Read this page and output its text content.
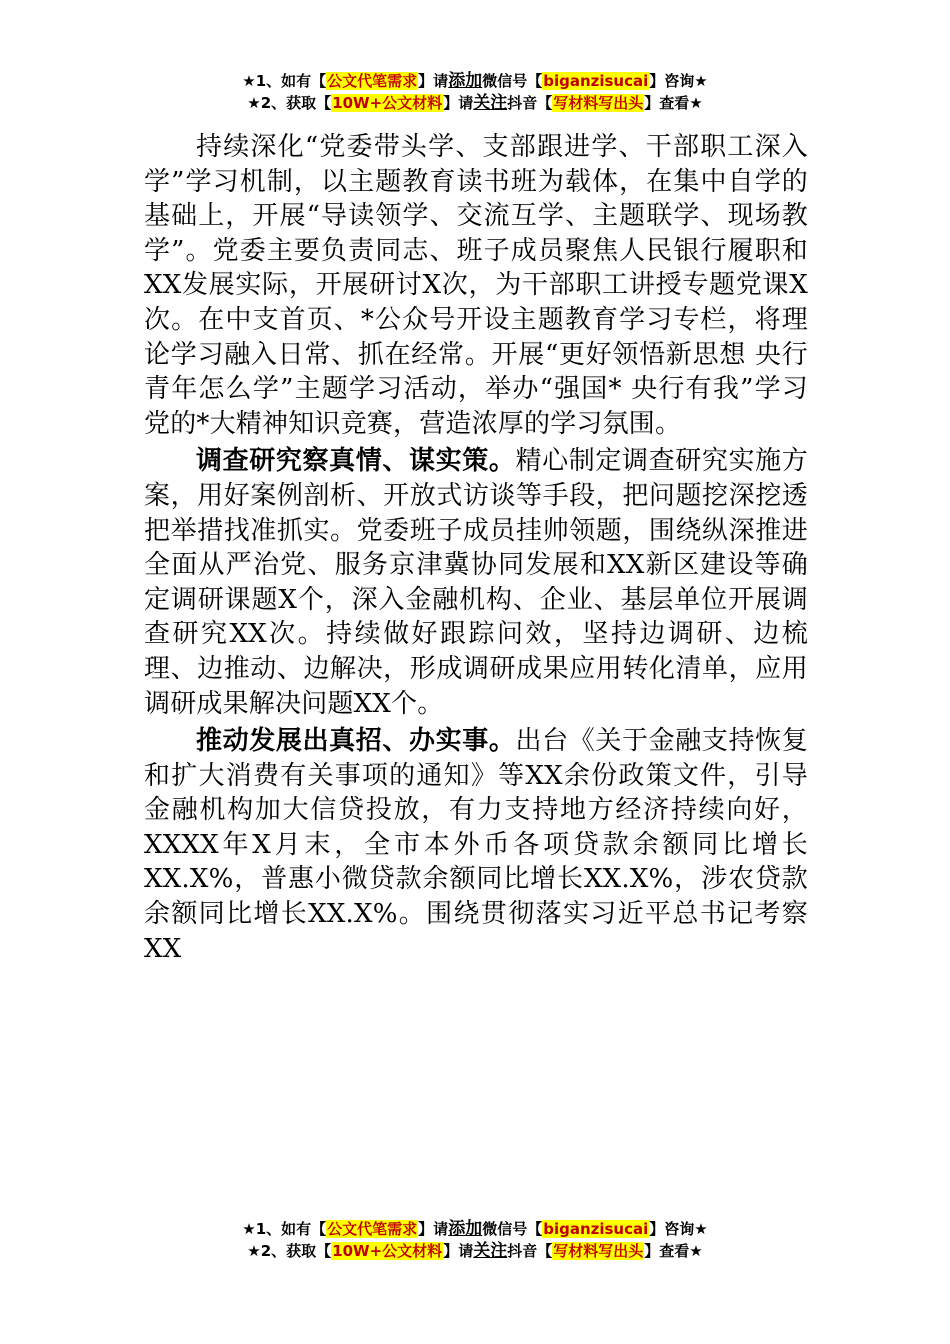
★1、如有【公文代笔需求】请添加微信号【biganzisucai】咨询★
★2、获取【10W+公文材料】请关注抖音【写材料写出头】查看★

持续深化“党委带头学、支部跟进学、干部职工深入学”学习机制，以主题教育读书班为载体，在集中自学的基础上，开展“导读领学、交流互学、主题联学、现场教学”。党委主要负责同志、班子成员聚焦人民银行履职和XX发展实际，开展研讨X次，为干部职工讲授专题党课X次。在中支首页、*公众号开设主题教育学习专栏，将理论学习融入日常、抓在经常。开展“更好领悟新思想 央行青年怎么学”主题学习活动，举办“强国* 央行有我”学习党的*大精神知识竞赛，营造浓厚的学习氛围。

调查研究察真情、谋实策。精心制定调查研究实施方案，用好案例剖析、开放式访谈等手段，把问题挖深挖透把举措找准抓实。党委班子成员挂帅领题，围绕纵深推进全面从严治党、服务京津冀协同发展和XX新区建设等确定调研课题X个，深入金融机构、企业、基层单位开展调查研究XX次。持续做好跟踪问效，坚持边调研、边梳理、边推动、边解决，形成调研成果应用转化清单，应用调研成果解决问题XX个。

推动发展出真招、办实事。出台《关于金融支持恢复和扩大消费有关事项的通知》等XX余份政策文件，引导金融机构加大信贷投放，有力支持地方经济持续向好，XXXX年X月末，全市本外币各项贷款余额同比增长XX.X%，普惠小微贷款余额同比增长XX.X%，涉农贷款余额同比增长XX.X%。围绕贯彻落实习近平总书记考察XX

★1、如有【公文代笔需求】请添加微信号【biganzisucai】咨询★
★2、获取【10W+公文材料】请关注抖音【写材料写出头】查看★
